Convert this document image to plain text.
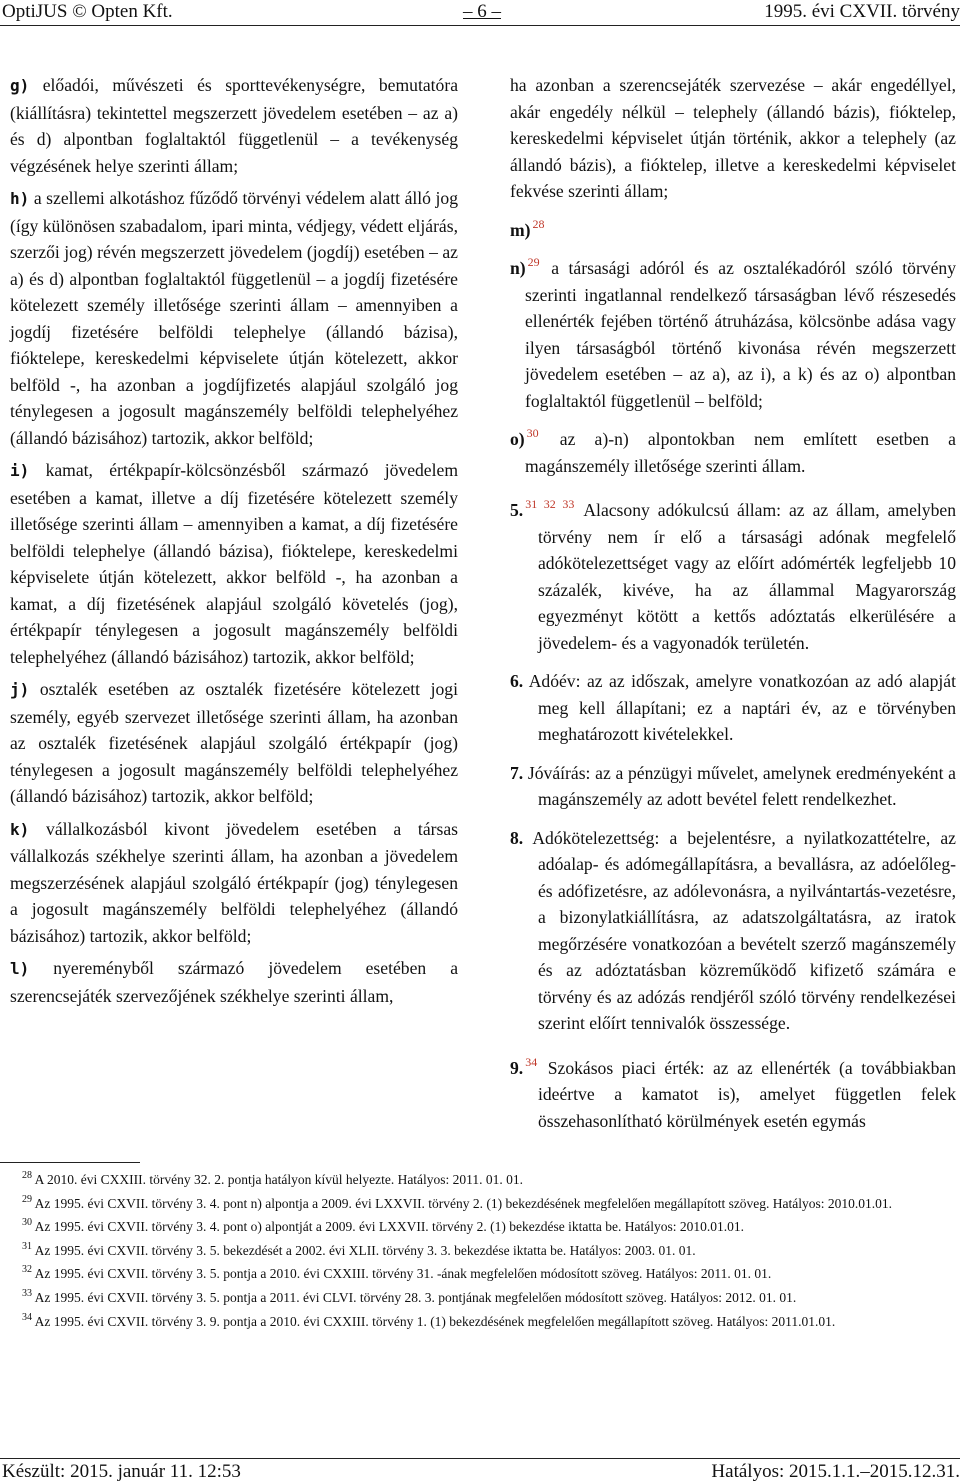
OptiJUS © Opten Kft.	– 6 –	1995. évi CXVII. törvény

g) előadói, művészeti és sporttevékenységre, bemutatóra (kiállításra) tekintettel megszerzett jövedelem esetében – az a) és d) alpontban foglaltaktól függetlenül – a tevékenység végzésének helye szerinti állam;

h) a szellemi alkotáshoz fűződő törvényi védelem alatt álló jog (így különösen szabadalom, ipari minta, védjegy, védett eljárás, szerzői jog) révén megszerzett jövedelem (jogdíj) esetében – az a) és d) alpontban foglaltaktól függetlenül – a jogdíj fizetésére kötelezett személy illetősége szerinti állam – amennyiben a jogdíj fizetésére belföldi telephelye (állandó bázisa), fióktelepe, kereskedelmi képviselete útján kötelezett, akkor belföld -, ha azonban a jogdíjfizetés alapjául szolgáló jog ténylegesen a jogosult magánszemély belföldi telephelyéhez (állandó bázisához) tartozik, akkor belföld;

i) kamat, értékpapír-kölcsönzésből származó jövedelem esetében a kamat, illetve a díj fizetésére kötelezett személy illetősége szerinti állam – amennyiben a kamat, a díj fizetésére belföldi telephelye (állandó bázisa), fióktelepe, kereskedelmi képviselete útján kötelezett, akkor belföld -, ha azonban a kamat, a díj fizetésének alapjául szolgáló követelés (jog), értékpapír ténylegesen a jogosult magánszemély belföldi telephelyéhez (állandó bázisához) tartozik, akkor belföld;

j) osztalék esetében az osztalék fizetésére kötelezett jogi személy, egyéb szervezet illetősége szerinti állam, ha azonban az osztalék fizetésének alapjául szolgáló értékpapír (jog) ténylegesen a jogosult magánszemély belföldi telephelyéhez (állandó bázisához) tartozik, akkor belföld;

k) vállalkozásból kivont jövedelem esetében a társas vállalkozás székhelye szerinti állam, ha azonban a jövedelem megszerzésének alapjául szolgáló értékpapír (jog) ténylegesen a jogosult magánszemély belföldi telephelyéhez (állandó bázisához) tartozik, akkor belföld;

l) nyereményből származó jövedelem esetében a szerencsejáték szervezőjének székhelye szerinti állam,

ha azonban a szerencsejáték szervezése – akár engedéllyel, akár engedély nélkül – telephely (állandó bázis), fióktelep, kereskedelmi képviselet útján történik, akkor a telephely (az állandó bázis), a fióktelep, illetve a kereskedelmi képviselet fekvése szerinti állam;

m) $^{28}$

n) $^{29}$ a társasági adóról és az osztalékadóról szóló törvény szerinti ingatlannal rendelkező társaságban lévő részesedés ellenérték fejében történő átruházása, kölcsönbe adása vagy ilyen társaságból történő kivonása révén megszerzett jövedelem esetében – az a), az i), a k) és az o) alpontban foglaltaktól függetlenül – belföld;

o) $^{30}$ az a)-n) alpontokban nem említett esetben a magánszemély illetősége szerinti állam.

5. $^{31 32 33}$ Alacsony adókulcsú állam: az az állam, amelyben törvény nem ír elő a társasági adónak megfelelő adókötelezettséget vagy az előírt adómérték legfeljebb 10 százalék, kivéve, ha az állammal Magyarország egyezményt kötött a kettős adóztatás elkerülésére a jövedelem- és a vagyonadók területén.

6. Adóév: az az időszak, amelyre vonatkozóan az adó alapját meg kell állapítani; ez a naptári év, az e törvényben meghatározott kivételekkel.

7. Jóváírás: az a pénzügyi művelet, amelynek eredményeként a magánszemély az adott bevétel felett rendelkezhet.

8. Adókötelezettség: a bejelentésre, a nyilatkozattételre, az adóalap- és adómegállapításra, a bevallásra, az adóelőleg- és adófizetésre, az adólevonásra, a nyilvántartás-vezetésre, a bizonylatkiállításra, az adatszolgáltatásra, az iratok megőrzésére vonatkozóan a bevételt szerző magánszemély és az adóztatásban közreműködő kifizető számára e törvény és az adózás rendjéről szóló törvény rendelkezései szerint előírt tennivalók összessége.

9. $^{34}$ Szokásos piaci érték: az az ellenérték (a továbbiakban ideértve a kamatot is), amelyet független felek összehasonlítható körülmények esetén egymás

$^{28}$ A 2010. évi CXXIII. törvény 32. 2. pontja hatályon kívül helyezte. Hatályos: 2011. 01. 01.

$^{29}$ Az 1995. évi CXVII. törvény 3. 4. pont n) alpontja a 2009. évi LXXVII. törvény 2. (1) bekezdésének megfelelően megállapított szöveg. Hatályos: 2010.01.01.

$^{30}$ Az 1995. évi CXVII. törvény 3. 4. pont o) alpontját a 2009. évi LXXVII. törvény 2. (1) bekezdése iktatta be. Hatályos: 2010.01.01.

$^{31}$ Az 1995. évi CXVII. törvény 3. 5. bekezdését a 2002. évi XLII. törvény 3. 3. bekezdése iktatta be. Hatályos: 2003. 01. 01.

$^{32}$ Az 1995. évi CXVII. törvény 3. 5. pontja a 2010. évi CXXIII. törvény 31. -ának megfelelően módosított szöveg. Hatályos: 2011. 01. 01.

$^{33}$ Az 1995. évi CXVII. törvény 3. 5. pontja a 2011. évi CLVI. törvény 28. 3. pontjának megfelelően módosított szöveg. Hatályos: 2012. 01. 01.

$^{34}$ Az 1995. évi CXVII. törvény 3. 9. pontja a 2010. évi CXXIII. törvény 1. (1) bekezdésének megfelelően megállapított szöveg. Hatályos: 2011.01.01.

Készült: 2015. január 11. 12:53	Hatályos: 2015.1.1.–2015.12.31.
